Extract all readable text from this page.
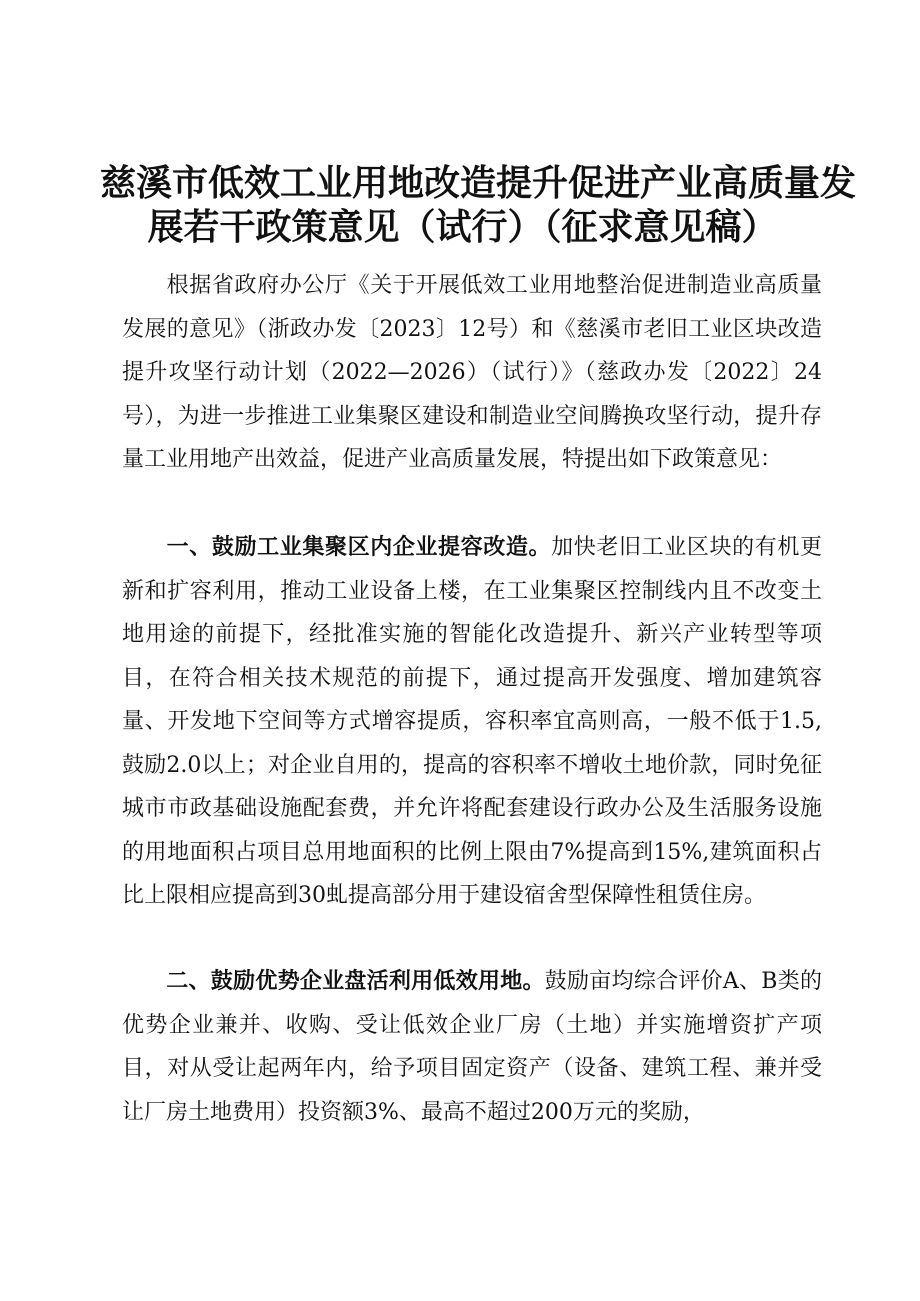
慈溪市低效工业用地改造提升促进产业高质量发
展若干政策意见（试行）（征求意见稿）

根据省政府办公厅《关于开展低效工业用地整治促进制造业高质量发展的意见》（浙政办发〔2023〕12号）和《慈溪市老旧工业区块改造提升攻坚行动计划（2022—2026）（试行）》（慈政办发〔2022〕24号），为进一步推进工业集聚区建设和制造业空间腾换攻坚行动，提升存量工业用地产出效益，促进产业高质量发展，特提出如下政策意见：

一、鼓励工业集聚区内企业提容改造。加快老旧工业区块的有机更新和扩容利用，推动工业设备上楼，在工业集聚区控制线内且不改变土地用途的前提下，经批准实施的智能化改造提升、新兴产业转型等项目，在符合相关技术规范的前提下，通过提高开发强度、增加建筑容量、开发地下空间等方式增容提质，容积率宜高则高，一般不低于1.5,鼓励2.0以上；对企业自用的，提高的容积率不增收土地价款，同时免征城市市政基础设施配套费，并允许将配套建设行政办公及生活服务设施的用地面积占项目总用地面积的比例上限由7%提高到15%,建筑面积占比上限相应提高到30虬提高部分用于建设宿舍型保障性租赁住房。

二、鼓励优势企业盘活利用低效用地。鼓励亩均综合评价A、B类的优势企业兼并、收购、受让低效企业厂房（土地）并实施增资扩产项目，对从受让起两年内，给予项目固定资产（设备、建筑工程、兼并受让厂房土地费用）投资额3%、最高不超过200万元的奖励，
